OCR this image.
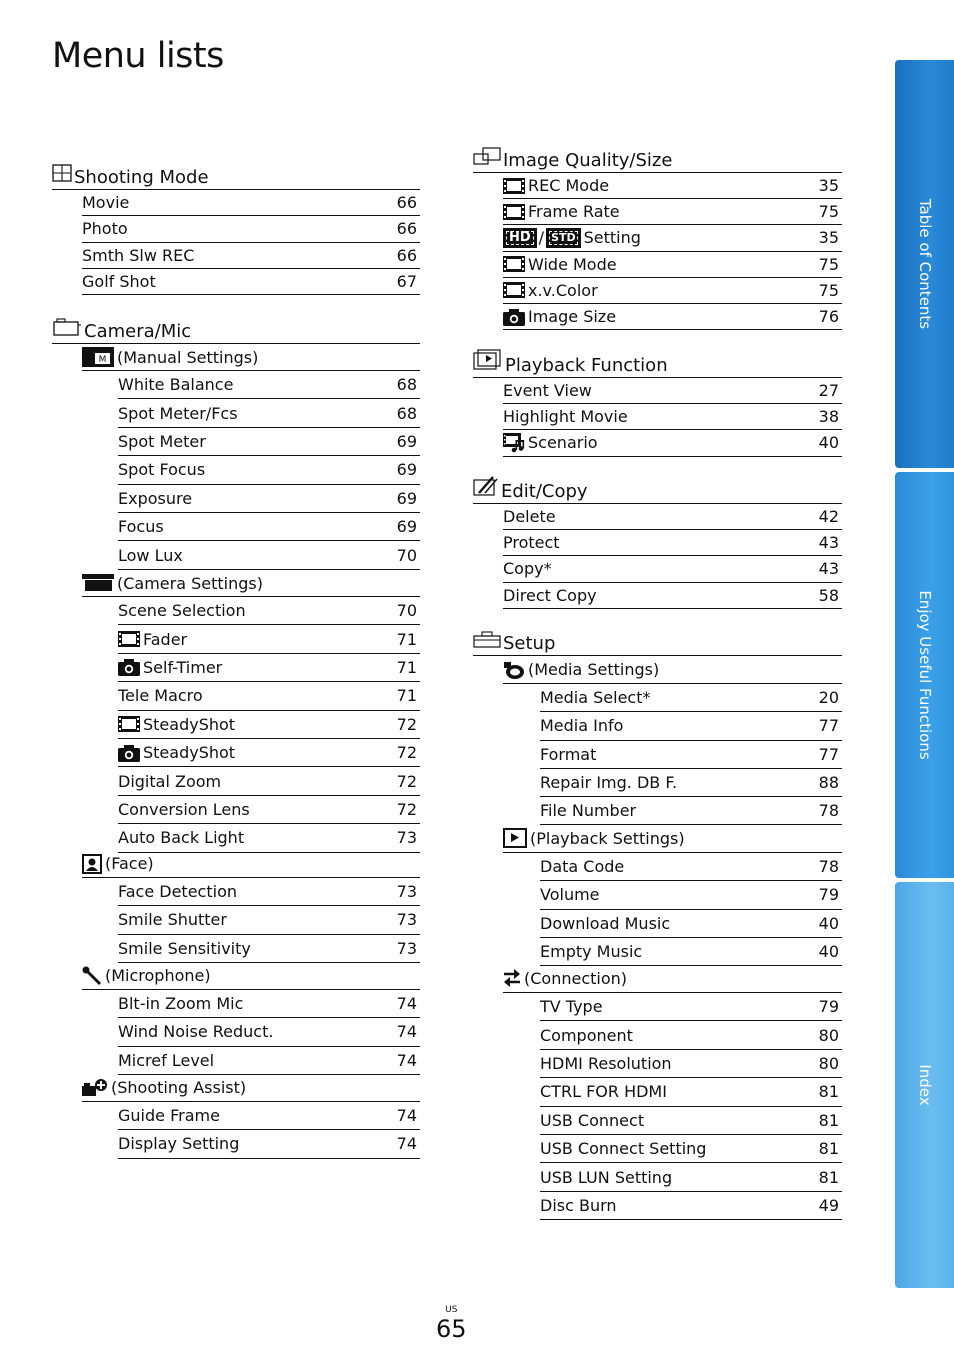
Menu lists
Table of Contents
Enjoy Useful Functions
Index
Shooting Mode
Movie	66
Photo	66
Smth Slw REC	66
Golf Shot	67
Camera/Mic
M (Manual Settings)
White Balance	68
Spot Meter/Fcs	68
Spot Meter	69
Spot Focus	69
Exposure	69
Focus	69
Low Lux	70
(Camera Settings)
Scene Selection	70
Fader	71
Self-Timer	71
Tele Macro	71
SteadyShot	72
SteadyShot	72
Digital Zoom	72
Conversion Lens	72
Auto Back Light	73
(Face)
Face Detection	73
Smile Shutter	73
Smile Sensitivity	73
(Microphone)
Blt-in Zoom Mic	74
Wind Noise Reduct.	74
Micref Level	74
(Shooting Assist)
Guide Frame	74
Display Setting	74
Image Quality/Size
REC Mode	35
Frame Rate	75
HD / STD Setting	35
Wide Mode	75
x.v.Color	75
Image Size	76
Playback Function
Event View	27
Highlight Movie	38
Scenario	40
Edit/Copy
Delete	42
Protect	43
Copy*	43
Direct Copy	58
Setup
(Media Settings)
Media Select*	20
Media Info	77
Format	77
Repair Img. DB F.	88
File Number	78
(Playback Settings)
Data Code	78
Volume	79
Download Music	40
Empty Music	40
(Connection)
TV Type	79
Component	80
HDMI Resolution	80
CTRL FOR HDMI	81
USB Connect	81
USB Connect Setting	81
USB LUN Setting	81
Disc Burn	49
US
65
